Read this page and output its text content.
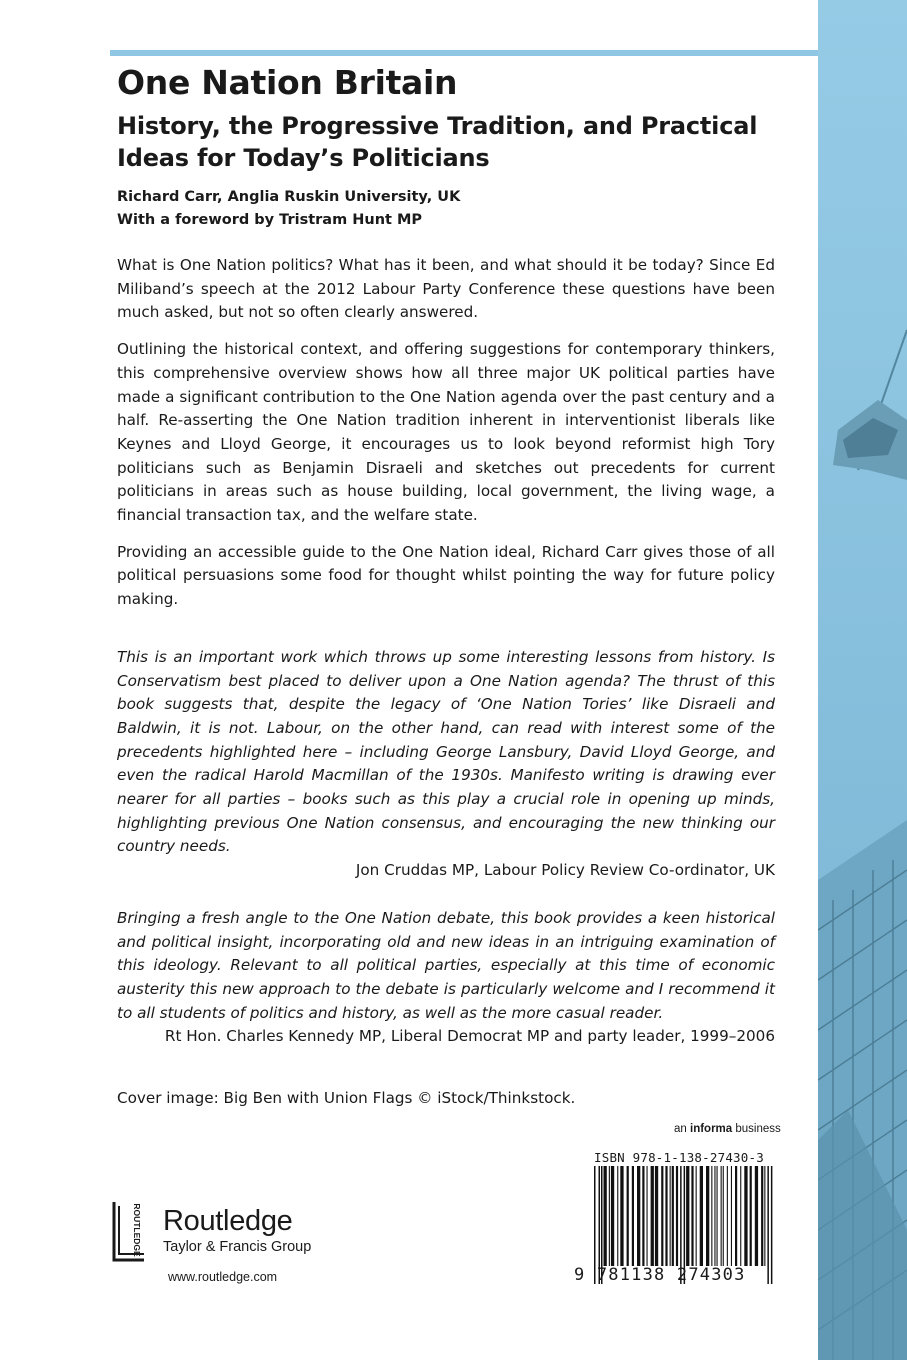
One Nation Britain
History, the Progressive Tradition, and Practical
Ideas for Today’s Politicians
Richard Carr, Anglia Ruskin University, UK
With a foreword by Tristram Hunt MP

What is One Nation politics? What has it been, and what should it be today? Since Ed Miliband’s speech at the 2012 Labour Party Conference these questions have been much asked, but not so often clearly answered.

Outlining the historical context, and offering suggestions for contemporary thinkers, this comprehensive overview shows how all three major UK political parties have made a significant contribution to the One Nation agenda over the past century and a half. Re-asserting the One Nation tradition inherent in interventionist liberals like Keynes and Lloyd George, it encourages us to look beyond reformist high Tory politicians such as Benjamin Disraeli and sketches out precedents for current politicians in areas such as house building, local government, the living wage, a financial transaction tax, and the welfare state.

Providing an accessible guide to the One Nation ideal, Richard Carr gives those of all political persuasions some food for thought whilst pointing the way for future policy making.

This is an important work which throws up some interesting lessons from history. Is Conservatism best placed to deliver upon a One Nation agenda? The thrust of this book suggests that, despite the legacy of ‘One Nation Tories’ like Disraeli and Baldwin, it is not. Labour, on the other hand, can read with interest some of the precedents highlighted here – including George Lansbury, David Lloyd George, and even the radical Harold Macmillan of the 1930s. Manifesto writing is drawing ever nearer for all parties – books such as this play a crucial role in opening up minds, highlighting previous One Nation consensus, and encouraging the new thinking our country needs.

Jon Cruddas MP, Labour Policy Review Co-ordinator, UK

Bringing a fresh angle to the One Nation debate, this book provides a keen historical and political insight, incorporating old and new ideas in an intriguing examination of this ideology. Relevant to all political parties, especially at this time of economic austerity this new approach to the debate is particularly welcome and I recommend it to all students of politics and history, as well as the more casual reader.

Rt Hon. Charles Kennedy MP, Liberal Democrat MP and party leader, 1999–2006

Cover image: Big Ben with Union Flags © iStock/Thinkstock.
an informa business
ISBN 978-1-138-27430-3
9 781138 274303
ROUTLEDGE Routledge
Taylor & Francis Group
www.routledge.com
